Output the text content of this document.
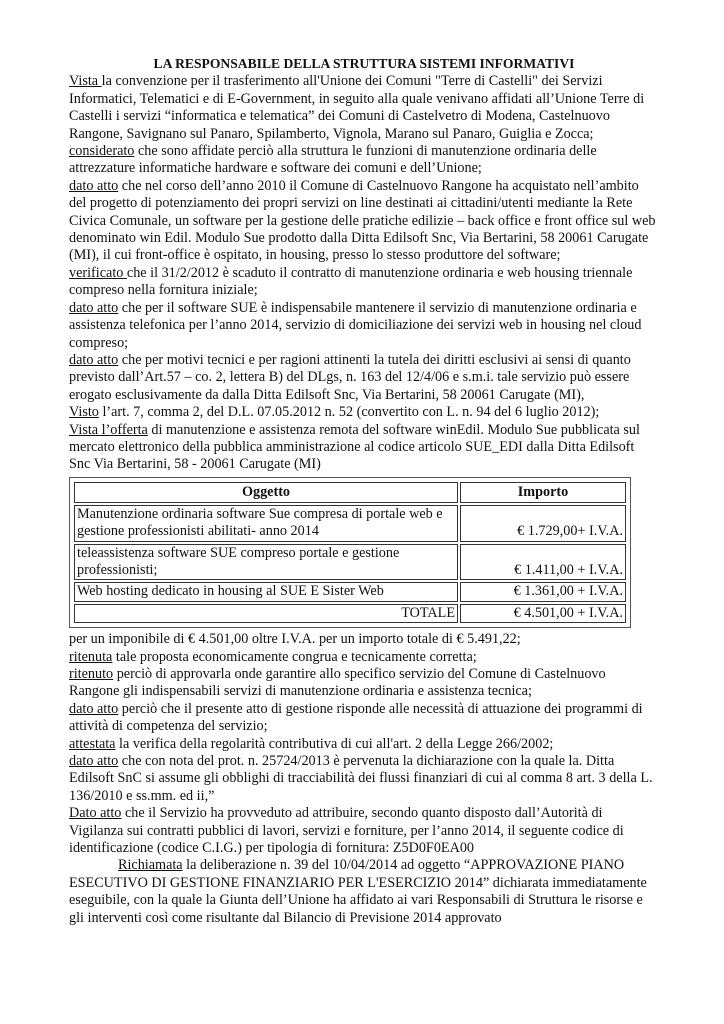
LA RESPONSABILE DELLA STRUTTURA SISTEMI INFORMATIVI

Vista la convenzione per il trasferimento all'Unione dei Comuni "Terre di Castelli" dei Servizi Informatici, Telematici e di E-Government, in seguito alla quale venivano affidati all’Unione Terre di Castelli i servizi “informatica e telematica” dei Comuni di Castelvetro di Modena, Castelnuovo Rangone, Savignano sul Panaro, Spilamberto, Vignola, Marano sul Panaro, Guiglia e Zocca;

considerato che sono affidate perciò alla struttura le funzioni di manutenzione ordinaria delle attrezzature informatiche hardware e software dei comuni e dell’Unione;

dato atto che nel corso dell’anno 2010 il Comune di Castelnuovo Rangone ha acquistato nell’ambito del progetto di potenziamento dei propri servizi on line destinati ai cittadini/utenti mediante la Rete Civica Comunale, un software per la gestione delle pratiche edilizie – back office e front office sul web denominato win Edil. Modulo Sue prodotto dalla Ditta Edilsoft Snc, Via Bertarini, 58 20061 Carugate (MI), il cui front-office è ospitato, in housing, presso lo stesso produttore del software;

verificato che il 31/2/2012 è scaduto il contratto di manutenzione ordinaria e web housing triennale compreso nella fornitura iniziale;

dato atto che per il software SUE è indispensabile mantenere il servizio di manutenzione ordinaria e assistenza telefonica per l’anno 2014, servizio di domiciliazione dei servizi web in housing nel cloud compreso;

dato atto che per motivi tecnici e per ragioni attinenti la tutela dei diritti esclusivi ai sensi di quanto previsto dall’Art.57 – co. 2, lettera B) del DLgs, n. 163 del 12/4/06 e s.m.i. tale servizio può essere erogato esclusivamente da dalla Ditta Edilsoft Snc, Via Bertarini, 58 20061 Carugate (MI),

Visto l’art. 7, comma 2, del D.L. 07.05.2012 n. 52 (convertito con L. n. 94 del 6 luglio 2012);

Vista l’offerta di manutenzione e assistenza remota del software winEdil. Modulo Sue pubblicata sul mercato elettronico della pubblica amministrazione al codice articolo SUE_EDI dalla Ditta Edilsoft Snc Via Bertarini, 58 - 20061 Carugate (MI)

Oggetto	Importo
Manutenzione ordinaria software Sue compresa di portale web e gestione professionisti abilitati- anno 2014	€ 1.729,00+ I.V.A.
teleassistenza software SUE compreso portale e gestione professionisti;	€ 1.411,00 + I.V.A.
Web hosting dedicato in housing al SUE E Sister Web	€ 1.361,00 + I.V.A.
TOTALE	€ 4.501,00 + I.V.A.

per un imponibile di € 4.501,00 oltre I.V.A. per un importo totale di € 5.491,22;

ritenuta tale proposta economicamente congrua e tecnicamente corretta;

ritenuto perciò di approvarla onde garantire allo specifico servizio del Comune di Castelnuovo Rangone gli indispensabili servizi di manutenzione ordinaria e assistenza tecnica;

dato atto perciò che il presente atto di gestione risponde alle necessità di attuazione dei programmi di attività di competenza del servizio;

attestata la verifica della regolarità contributiva di cui all'art. 2 della Legge 266/2002;

dato atto che con nota del prot. n. 25724/2013 è pervenuta la dichiarazione con la quale la. Ditta Edilsoft SnC si assume gli obblighi di tracciabilità dei flussi finanziari di cui al comma 8 art. 3 della L. 136/2010 e ss.mm. ed ii,”

Dato atto che il Servizio ha provveduto ad attribuire, secondo quanto disposto dall’Autorità di Vigilanza sui contratti pubblici di lavori, servizi e forniture, per l’anno 2014, il seguente codice di identificazione (codice C.I.G.) per tipologia di fornitura: Z5D0F0EA00

Richiamata la deliberazione n. 39 del 10/04/2014 ad oggetto “APPROVAZIONE PIANO ESECUTIVO DI GESTIONE FINANZIARIO PER L'ESERCIZIO 2014” dichiarata immediatamente eseguibile, con la quale la Giunta dell’Unione ha affidato ai vari Responsabili di Struttura le risorse e gli interventi così come risultante dal Bilancio di Previsione 2014 approvato
